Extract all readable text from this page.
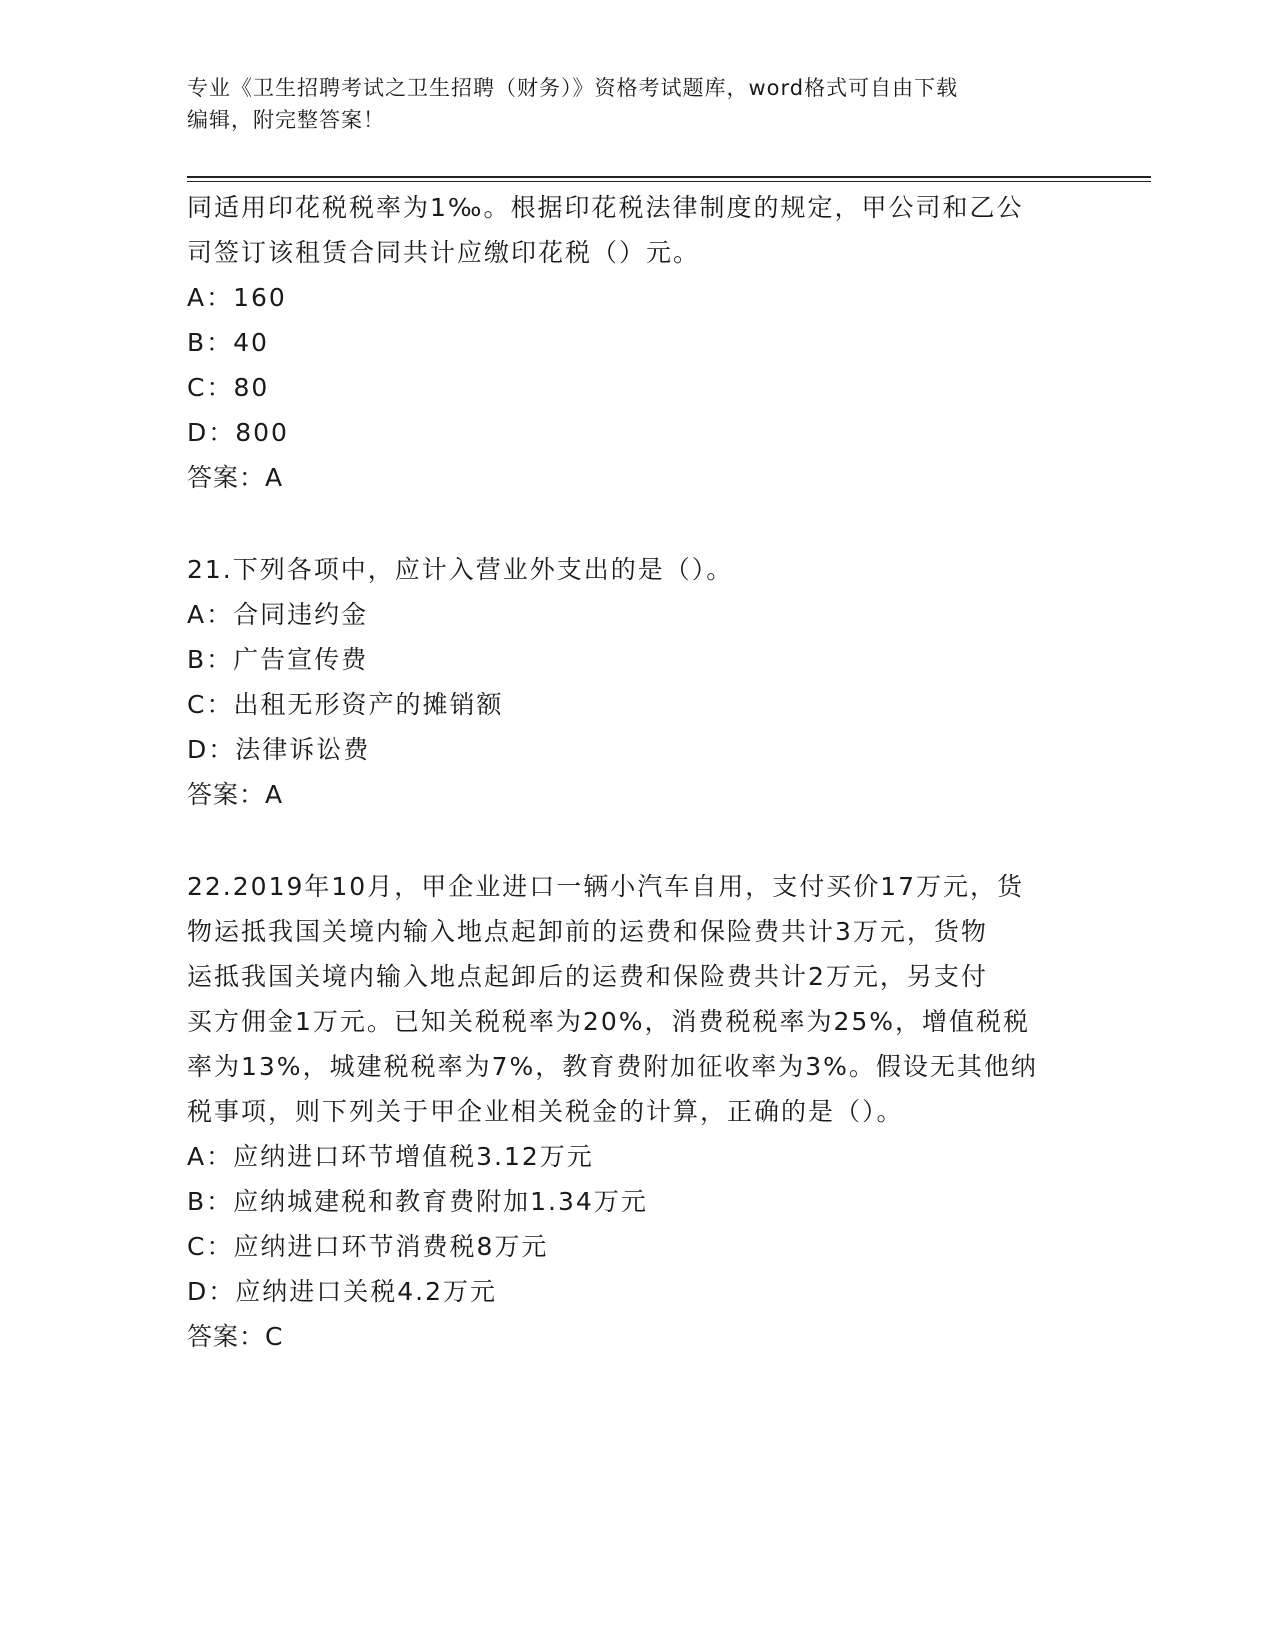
专业《卫生招聘考试之卫生招聘（财务）》资格考试题库，word格式可自由下载
编辑，附完整答案！
同适用印花税税率为1‰。根据印花税法律制度的规定，甲公司和乙公
司签订该租赁合同共计应缴印花税（）元。
A：160
B：40
C：80
D：800
答案：A
21.下列各项中，应计入营业外支出的是（）。
A：合同违约金
B：广告宣传费
C：出租无形资产的摊销额
D：法律诉讼费
答案：A
22.2019年10月，甲企业进口一辆小汽车自用，支付买价17万元，货
物运抵我国关境内输入地点起卸前的运费和保险费共计3万元，货物
运抵我国关境内输入地点起卸后的运费和保险费共计2万元，另支付
买方佣金1万元。已知关税税率为20%，消费税税率为25%，增值税税
率为13%，城建税税率为7%，教育费附加征收率为3%。假设无其他纳
税事项，则下列关于甲企业相关税金的计算，正确的是（）。
A：应纳进口环节增值税3.12万元
B：应纳城建税和教育费附加1.34万元
C：应纳进口环节消费税8万元
D：应纳进口关税4.2万元
答案：C
